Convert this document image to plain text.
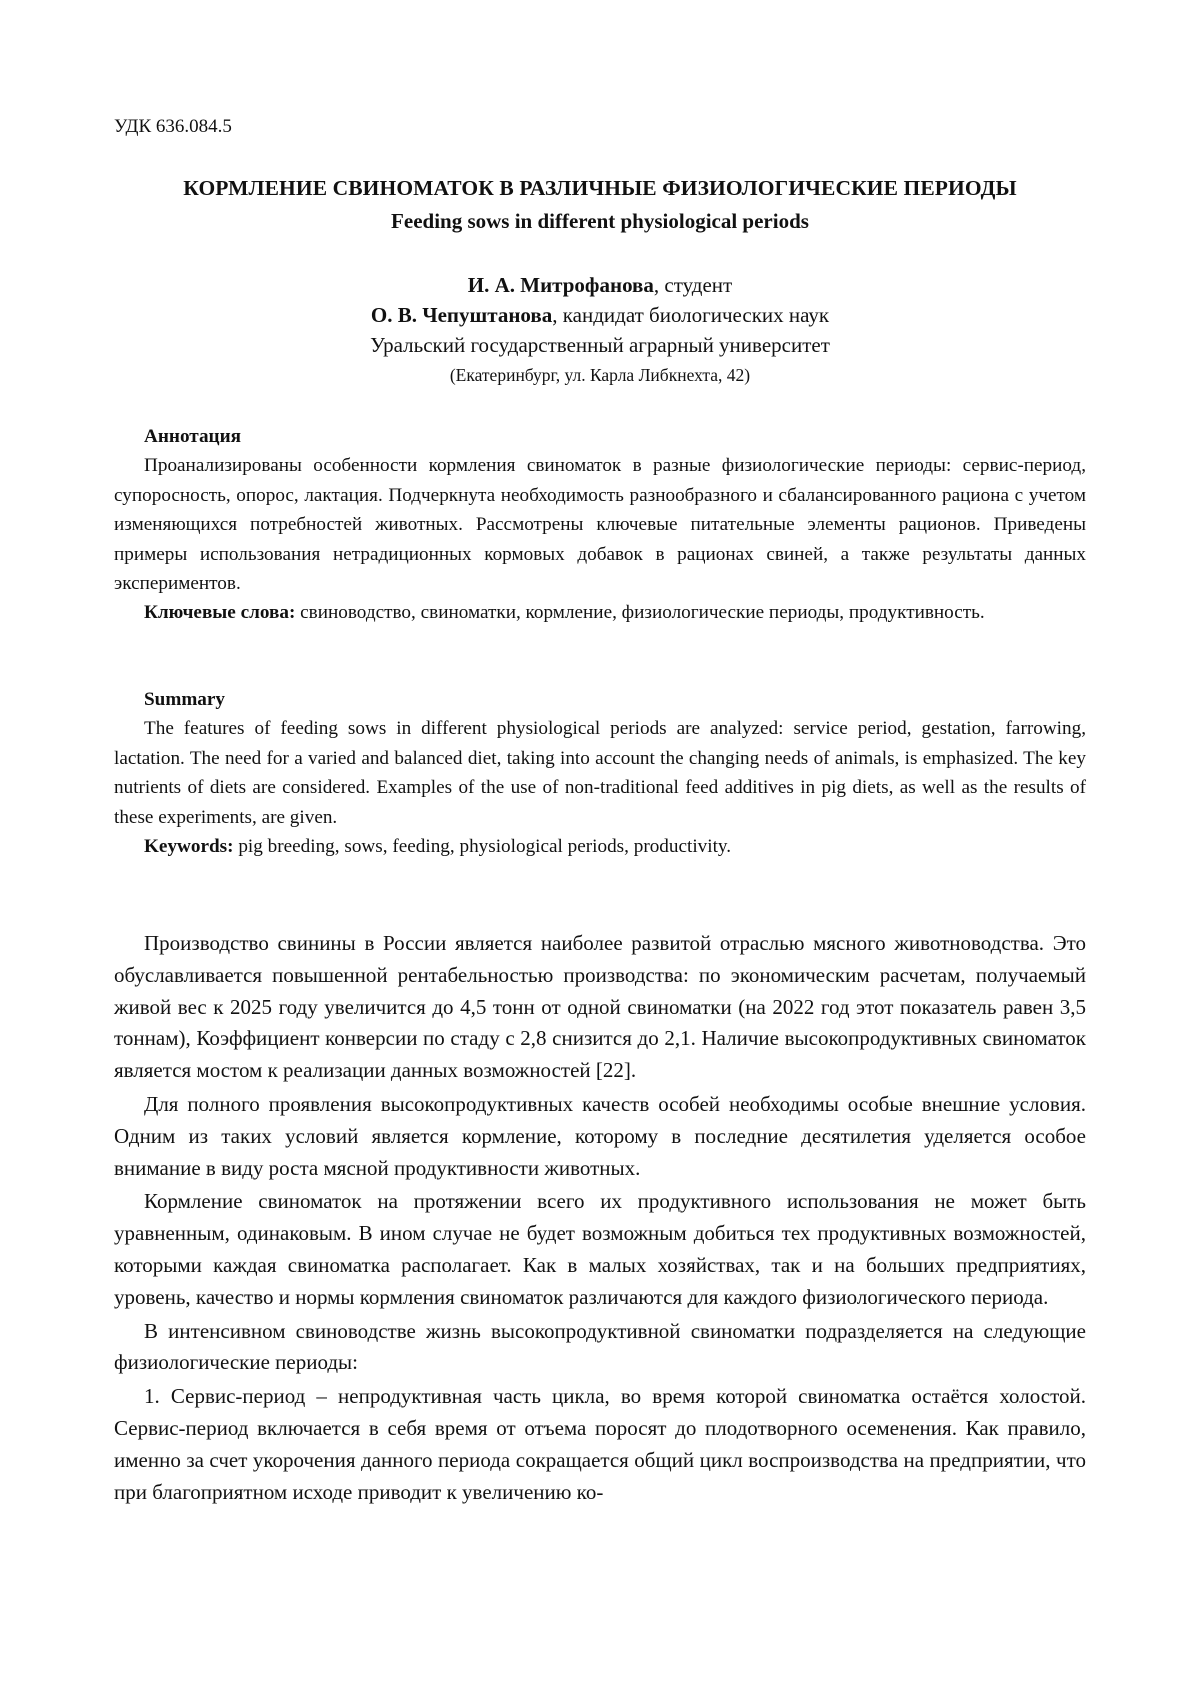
УДК 636.084.5
КОРМЛЕНИЕ СВИНОМАТОК В РАЗЛИЧНЫЕ ФИЗИОЛОГИЧЕСКИЕ ПЕРИОДЫ
Feeding sows in different physiological periods
И. А. Митрофанова, студент
О. В. Чепуштанова, кандидат биологических наук
Уральский государственный аграрный университет
(Екатеринбург, ул. Карла Либкнехта, 42)
Аннотация

Проанализированы особенности кормления свиноматок в разные физиологические периоды: сервис-период, супоросность, опорос, лактация. Подчеркнута необходимость разнообразного и сбалансированного рациона с учетом изменяющихся потребностей животных. Рассмотрены ключевые питательные элементы рационов. Приведены примеры использования нетрадиционных кормовых добавок в рационах свиней, а также результаты данных экспериментов.

Ключевые слова: свиноводство, свиноматки, кормление, физиологические периоды, продуктивность.

Summary

The features of feeding sows in different physiological periods are analyzed: service period, gestation, farrowing, lactation. The need for a varied and balanced diet, taking into account the changing needs of animals, is emphasized. The key nutrients of diets are considered. Examples of the use of non-traditional feed additives in pig diets, as well as the results of these experiments, are given.

Keywords: pig breeding, sows, feeding, physiological periods, productivity.

Производство свинины в России является наиболее развитой отраслью мясного животноводства. Это обуславливается повышенной рентабельностью производства: по экономическим расчетам, получаемый живой вес к 2025 году увеличится до 4,5 тонн от одной свиноматки (на 2022 год этот показатель равен 3,5 тоннам), Коэффициент конверсии по стаду с 2,8 снизится до 2,1. Наличие высокопродуктивных свиноматок является мостом к реализации данных возможностей [22].

Для полного проявления высокопродуктивных качеств особей необходимы особые внешние условия. Одним из таких условий является кормление, которому в последние десятилетия уделяется особое внимание в виду роста мясной продуктивности животных.

Кормление свиноматок на протяжении всего их продуктивного использования не может быть уравненным, одинаковым. В ином случае не будет возможным добиться тех продуктивных возможностей, которыми каждая свиноматка располагает. Как в малых хозяйствах, так и на больших предприятиях, уровень, качество и нормы кормления свиноматок различаются для каждого физиологического периода.

В интенсивном свиноводстве жизнь высокопродуктивной свиноматки подразделяется на следующие физиологические периоды:

1. Сервис-период – непродуктивная часть цикла, во время которой свиноматка остаётся холостой. Сервис-период включается в себя время от отъема поросят до плодотворного осеменения. Как правило, именно за счет укорочения данного периода сокращается общий цикл воспроизводства на предприятии, что при благоприятном исходе приводит к увеличению ко-
